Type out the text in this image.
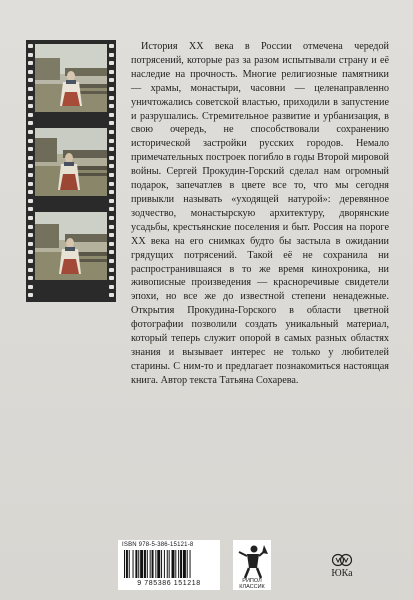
История XX века в России отмечена чередой потрясений, которые раз за разом испытывали страну и её наследие на прочность. Многие религиозные памятники — храмы, монастыри, часовни — целенаправленно уничтожались советской властью, приходили в запустение и разрушались. Стремительное развитие и урбанизация, в свою очередь, не способствовали сохранению исторической застройки русских городов. Немало примечательных построек погибло в годы Второй мировой войны. Сергей Прокудин-Горский сделал нам огромный подарок, запечатлев в цвете все то, что мы сегодня привыкли называть «уходящей натурой»: деревянное зодчество, монастырскую архитектуру, дворянские усадьбы, крестьянские поселения и быт. Россия на пороге XX века на его снимках будто бы застыла в ожидании грядущих потрясений. Такой её не сохранила ни распространившаяся в то же время кинохроника, ни живописные произведения — красноречивые свидетели эпохи, но все же до известной степени ненадежные. Открытия Прокудина-Горского в области цветной фотографии позволили создать уникальный материал, который теперь служит опорой в самых разных областях знания и вызывает интерес не только у любителей старины. С ним-то и предлагает познакомиться настоящая книга. Автор текста Татьяна Сохарева.

ISBN 978-5-386-15121-8
9 785386 151218	РИПОЛ КЛАССИК
ЮКа
